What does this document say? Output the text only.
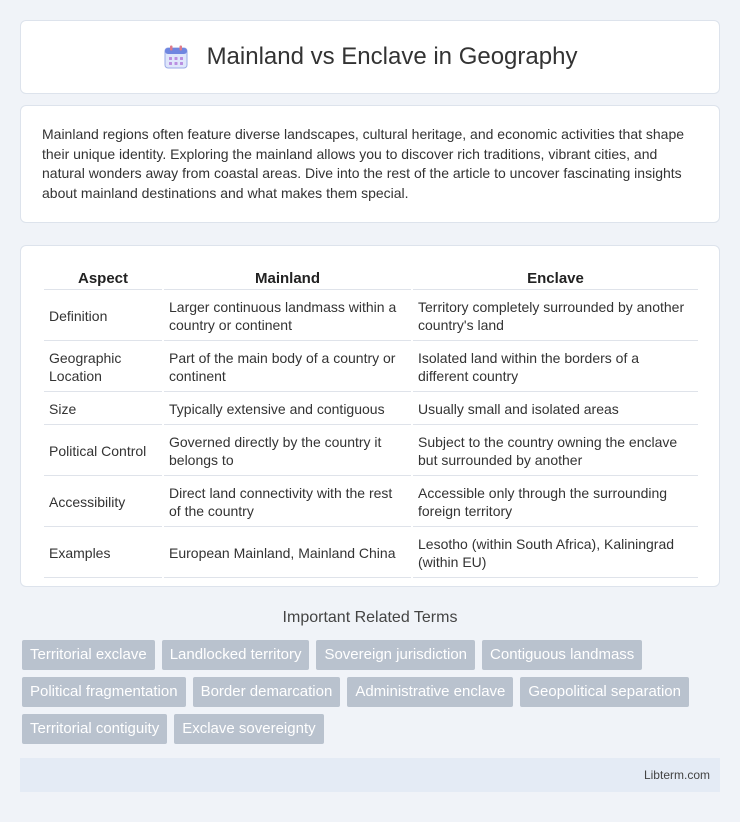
Mainland vs Enclave in Geography

Mainland regions often feature diverse landscapes, cultural heritage, and economic activities that shape their unique identity. Exploring the mainland allows you to discover rich traditions, vibrant cities, and natural wonders away from coastal areas. Dive into the rest of the article to uncover fascinating insights about mainland destinations and what makes them special.

Aspect	Mainland	Enclave
Definition	Larger continuous landmass within a country or continent	Territory completely surrounded by another country's land
Geographic Location	Part of the main body of a country or continent	Isolated land within the borders of a different country
Size	Typically extensive and contiguous	Usually small and isolated areas
Political Control	Governed directly by the country it belongs to	Subject to the country owning the enclave but surrounded by another
Accessibility	Direct land connectivity with the rest of the country	Accessible only through the surrounding foreign territory
Examples	European Mainland, Mainland China	Lesotho (within South Africa), Kaliningrad (within EU)
Important Related Terms
Territorial exclave	Landlocked territory	Sovereign jurisdiction	Contiguous landmass
Political fragmentation	Border demarcation	Administrative enclave	Geopolitical separation
Territorial contiguity	Exclave sovereignty
Libterm.com
